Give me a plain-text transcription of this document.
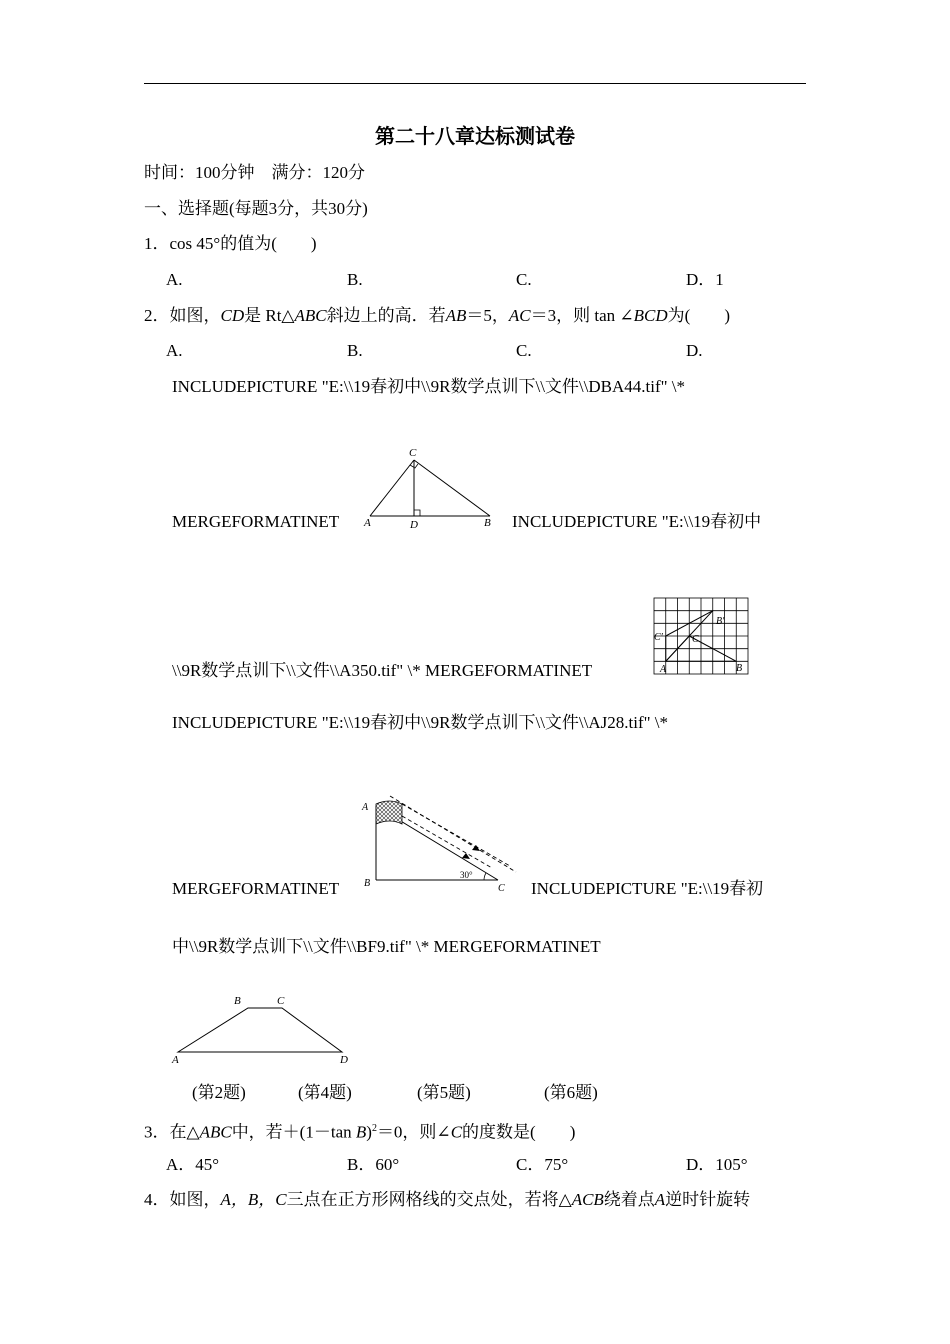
第二十八章达标测试卷
时间：100分钟　满分：120分
一、选择题(每题3分，共30分)
1．cos 45°的值为(　　)
A.	B.	C.	D．1
2．如图，CD是 Rt△ABC斜边上的高．若AB＝5，AC＝3，则 tan ∠BCD为(　　)
A.	B.	C.	D.
INCLUDEPICTURE "E:\\19春初中\\9R数学点训下\\文件\\DBA44.tif" \*
A	D	B
C
MERGEFORMATINET	INCLUDEPICTURE "E:\\19春初中
A	B
C
B′
C′
\\9R数学点训下\\文件\\A350.tif" \* MERGEFORMATINET
INCLUDEPICTURE "E:\\19春初中\\9R数学点训下\\文件\\AJ28.tif" \*
A
B	C
30°
MERGEFORMATINET	INCLUDEPICTURE "E:\\19春初
中\\9R数学点训下\\文件\\BF9.tif" \* MERGEFORMATINET
A
B	C
D
(第2题)	(第4题)	(第5题)	(第6题)
3．在△ABC中，若＋(1－tan B)$^2$＝0，则∠C的度数是(　　)
A．45°	B．60°	C．75°	D．105°
4．如图，A，B，C三点在正方形网格线的交点处，若将△ACB绕着点A逆时针旋转
